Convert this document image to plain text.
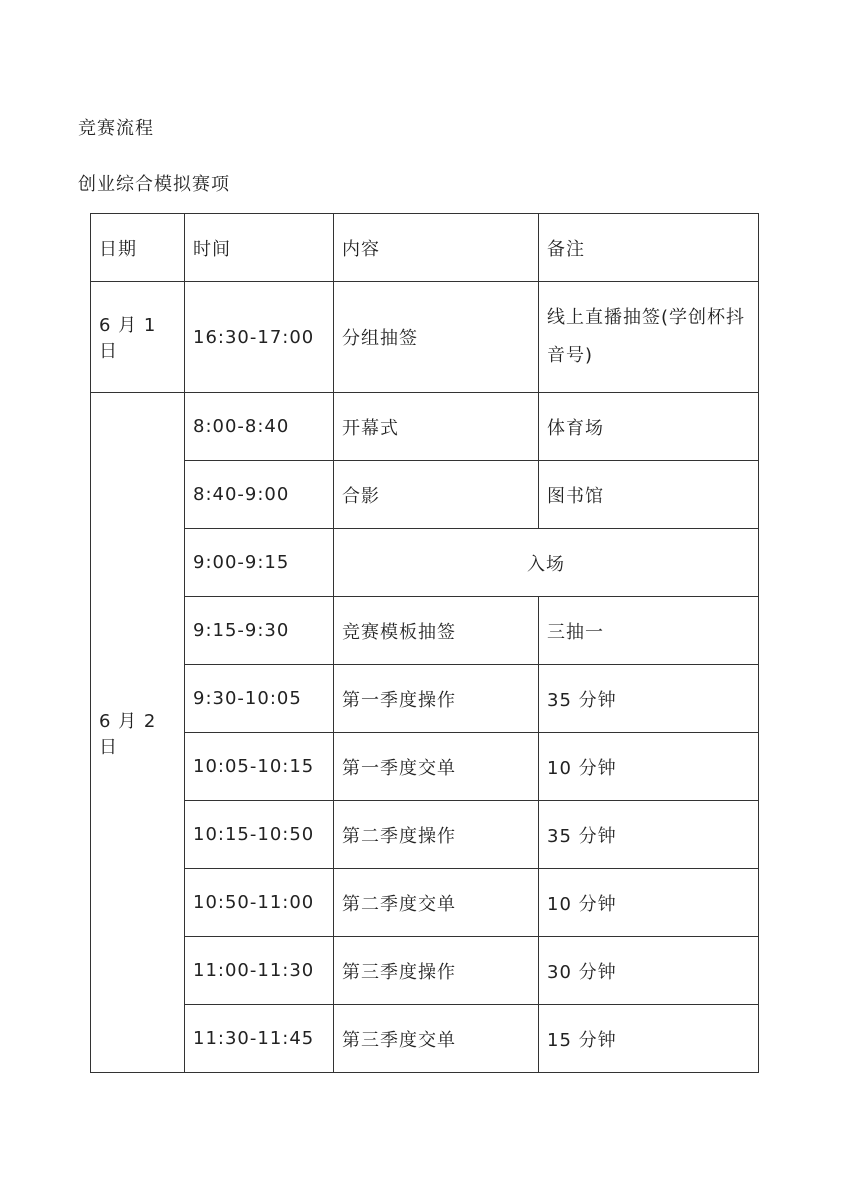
竞赛流程
创业综合模拟赛项
日期	时间	内容	备注
6 月 1 日	16:30-17:00	分组抽签	线上直播抽签(学创杯抖音号)
6 月 2 日	8:00-8:40	开幕式	体育场
	8:40-9:00	合影	图书馆
	9:00-9:15	入场	
	9:15-9:30	竞赛模板抽签	三抽一
	9:30-10:05	第一季度操作	35 分钟
	10:05-10:15	第一季度交单	10 分钟
	10:15-10:50	第二季度操作	35 分钟
	10:50-11:00	第二季度交单	10 分钟
	11:00-11:30	第三季度操作	30 分钟
	11:30-11:45	第三季度交单	15 分钟
